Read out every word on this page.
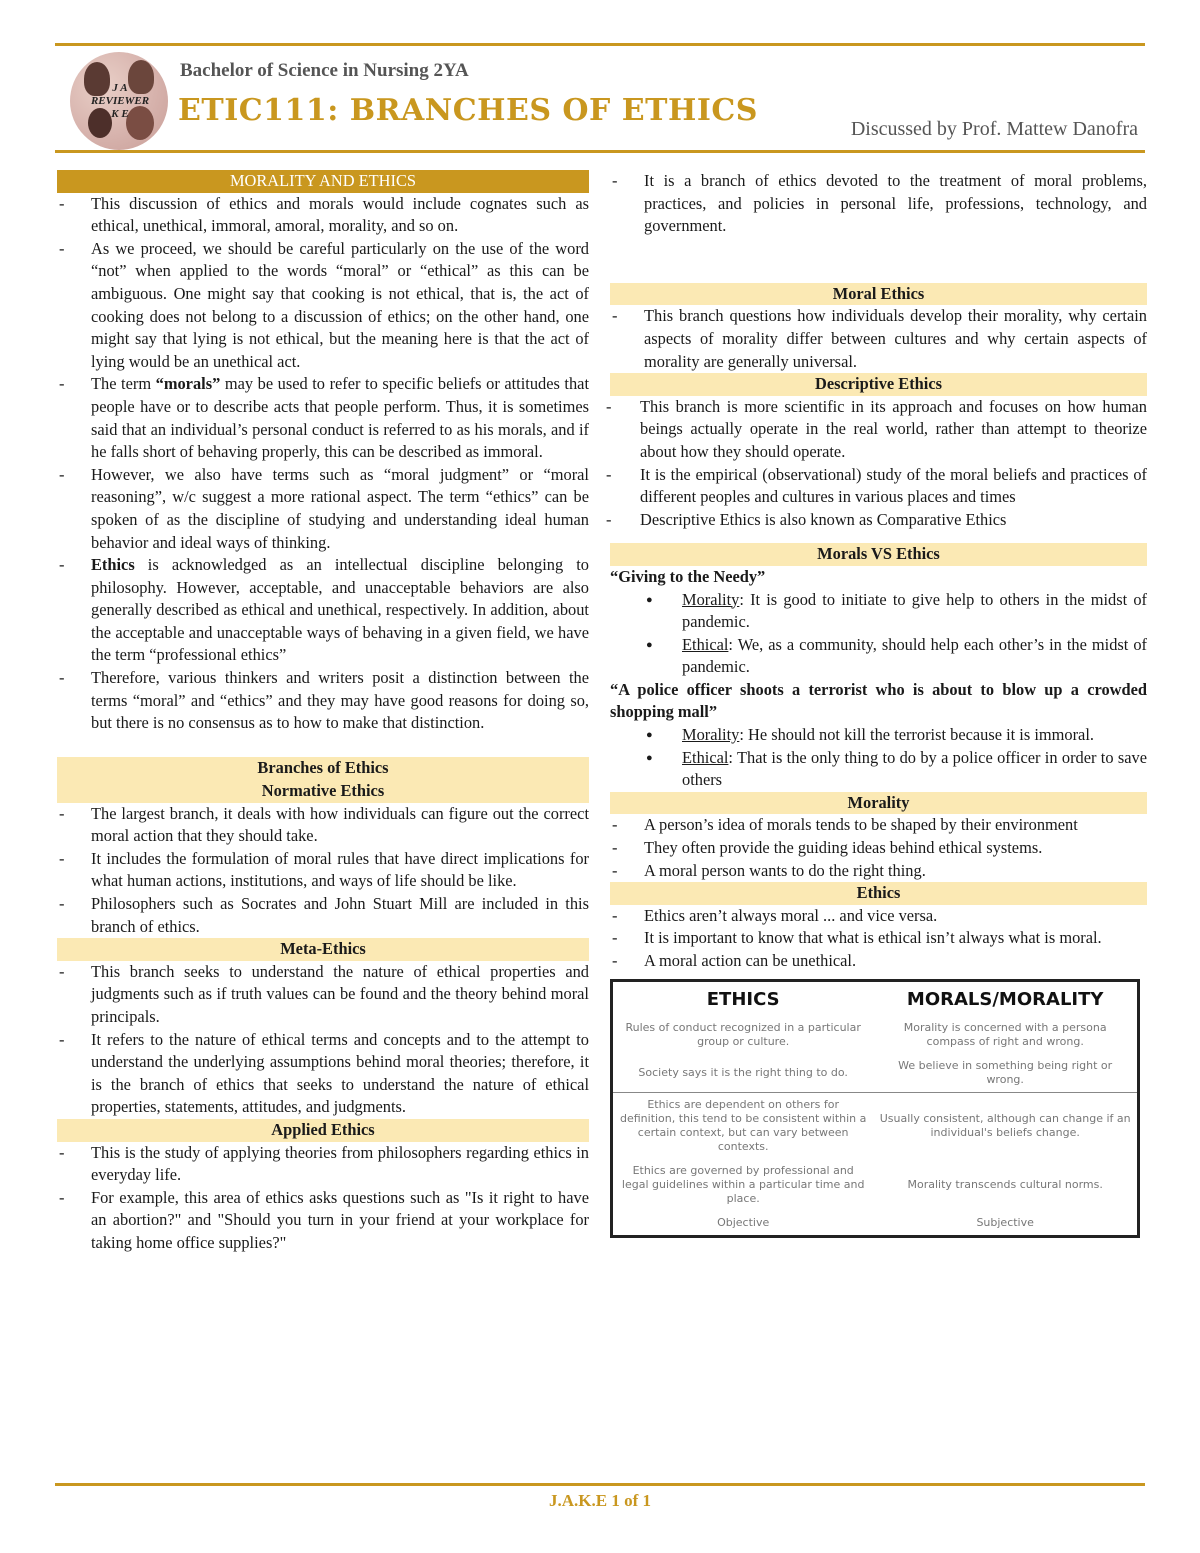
J A REVIEWER K E
Bachelor of Science in Nursing 2YA
ETIC111: BRANCHES OF ETHICS
Discussed by Prof. Mattew Danofra
MORALITY AND ETHICS
- This discussion of ethics and morals would include cognates such as ethical, unethical, immoral, amoral, morality, and so on.
- As we proceed, we should be careful particularly on the use of the word “not” when applied to the words “moral” or “ethical” as this can be ambiguous. One might say that cooking is not ethical, that is, the act of cooking does not belong to a discussion of ethics; on the other hand, one might say that lying is not ethical, but the meaning here is that the act of lying would be an unethical act.
- The term “morals” may be used to refer to specific beliefs or attitudes that people have or to describe acts that people perform. Thus, it is sometimes said that an individual’s personal conduct is referred to as his morals, and if he falls short of behaving properly, this can be described as immoral.
- However, we also have terms such as “moral judgment” or “moral reasoning”, w/c suggest a more rational aspect. The term “ethics” can be spoken of as the discipline of studying and understanding ideal human behavior and ideal ways of thinking.
- Ethics is acknowledged as an intellectual discipline belonging to philosophy. However, acceptable, and unacceptable behaviors are also generally described as ethical and unethical, respectively. In addition, about the acceptable and unacceptable ways of behaving in a given field, we have the term “professional ethics”
- Therefore, various thinkers and writers posit a distinction between the terms “moral” and “ethics” and they may have good reasons for doing so, but there is no consensus as to how to make that distinction.
Branches of Ethics
Normative Ethics
- The largest branch, it deals with how individuals can figure out the correct moral action that they should take.
- It includes the formulation of moral rules that have direct implications for what human actions, institutions, and ways of life should be like.
- Philosophers such as Socrates and John Stuart Mill are included in this branch of ethics.
Meta-Ethics
- This branch seeks to understand the nature of ethical properties and judgments such as if truth values can be found and the theory behind moral principals.
- It refers to the nature of ethical terms and concepts and to the attempt to understand the underlying assumptions behind moral theories; therefore, it is the branch of ethics that seeks to understand the nature of ethical properties, statements, attitudes, and judgments.
Applied Ethics
- This is the study of applying theories from philosophers regarding ethics in everyday life.
- For example, this area of ethics asks questions such as "Is it right to have an abortion?" and "Should you turn in your friend at your workplace for taking home office supplies?"
- It is a branch of ethics devoted to the treatment of moral problems, practices, and policies in personal life, professions, technology, and government.
Moral Ethics
- This branch questions how individuals develop their morality, why certain aspects of morality differ between cultures and why certain aspects of morality are generally universal.
Descriptive Ethics
- This branch is more scientific in its approach and focuses on how human beings actually operate in the real world, rather than attempt to theorize about how they should operate.
- It is the empirical (observational) study of the moral beliefs and practices of different peoples and cultures in various places and times
- Descriptive Ethics is also known as Comparative Ethics
Morals VS Ethics
“Giving to the Needy”
● Morality: It is good to initiate to give help to others in the midst of pandemic.
● Ethical: We, as a community, should help each other’s in the midst of pandemic.
“A police officer shoots a terrorist who is about to blow up a crowded shopping mall”
● Morality: He should not kill the terrorist because it is immoral.
● Ethical: That is the only thing to do by a police officer in order to save others
Morality
- A person’s idea of morals tends to be shaped by their environment
- They often provide the guiding ideas behind ethical systems.
- A moral person wants to do the right thing.
Ethics
- Ethics aren’t always moral ... and vice versa.
- It is important to know that what is ethical isn’t always what is moral.
- A moral action can be unethical.
ETHICS	MORALS/MORALITY
Rules of conduct recognized in a particular group or culture.	Morality is concerned with a persona compass of right and wrong.
Society says it is the right thing to do.	We believe in something being right or wrong.
Ethics are dependent on others for definition, this tend to be consistent within a certain context, but can vary between contexts.	Usually consistent, although can change if an individual's beliefs change.
Ethics are governed by professional and legal guidelines within a particular time and place.	Morality transcends cultural norms.
Objective	Subjective
J.A.K.E 1 of 1
